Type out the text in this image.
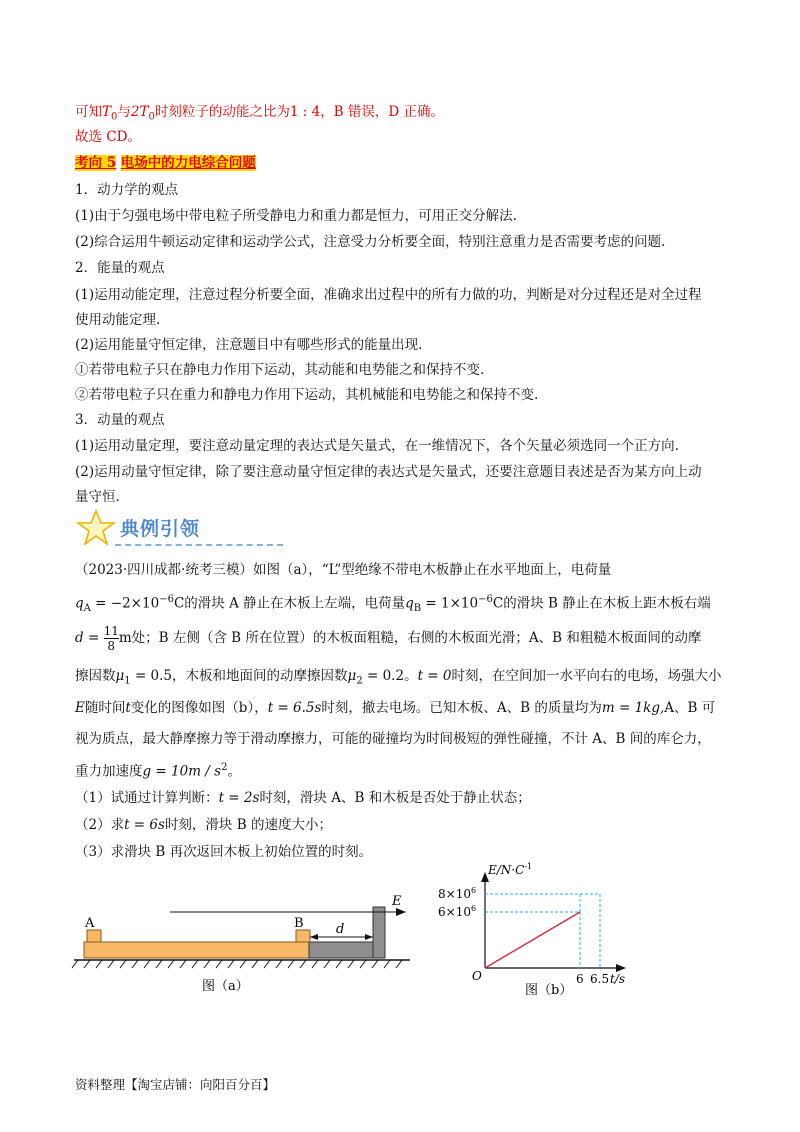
可知$T_0$与$2T_0$时刻粒子的动能之比为1 : 4，B 错误，D 正确。
故选 CD。
考向 5 电场中的力电综合问题
1．动力学的观点
(1)由于匀强电场中带电粒子所受静电力和重力都是恒力，可用正交分解法.
(2)综合运用牛顿运动定律和运动学公式，注意受力分析要全面，特别注意重力是否需要考虑的问题.
2．能量的观点
(1)运用动能定理，注意过程分析要全面，准确求出过程中的所有力做的功，判断是对分过程还是对全过程
使用动能定理.
(2)运用能量守恒定律，注意题目中有哪些形式的能量出现.
①若带电粒子只在静电力作用下运动，其动能和电势能之和保持不变.
②若带电粒子只在重力和静电力作用下运动，其机械能和电势能之和保持不变.
3．动量的观点
(1)运用动量定理，要注意动量定理的表达式是矢量式，在一维情况下，各个矢量必须选同一个正方向.
(2)运用动量守恒定律，除了要注意动量守恒定律的表达式是矢量式，还要注意题目表述是否为某方向上动
量守恒.
典例引领
（2023·四川成都·统考三模）如图（a），“L”型绝缘不带电木板静止在水平地面上，电荷量
$q_A = -2\times 10^{-6}C$的滑块 A 静止在木板上左端，电荷量$q_B = 1\times 10^{-6}C$的滑块 B 静止在木板上距木板右端
$d = \frac{11}{8}$ m处；B 左侧（含 B 所在位置）的木板面粗糙，右侧的木板面光滑；A、B 和粗糙木板面间的动摩
擦因数$\mu_1 = 0.5$，木板和地面间的动摩擦因数$\mu_2 = 0.2$。t = 0时刻，在空间加一水平向右的电场，场强大小
E随时间t变化的图像如图（b），t = 6.5s时刻，撤去电场。已知木板、A、B 的质量均为m = 1kg,A、B 可
视为质点，最大静摩擦力等于滑动摩擦力，可能的碰撞均为时间极短的弹性碰撞，不计 A、B 间的库仑力，
重力加速度$g = 10m / s^2$。
（1）试通过计算判断：t = 2s时刻，滑块 A、B 和木板是否处于静止状态；
（2）求t = 6s时刻，滑块 B 的速度大小；
（3）求滑块 B 再次返回木板上初始位置的时刻。
A	B d
E
图（a）
$E/N\cdot C^{-1}$
$8\times 10^6$
$6\times 10^6$
O	6 6.5 t/s
图（b）
资料整理【淘宝店铺：向阳百分百】
